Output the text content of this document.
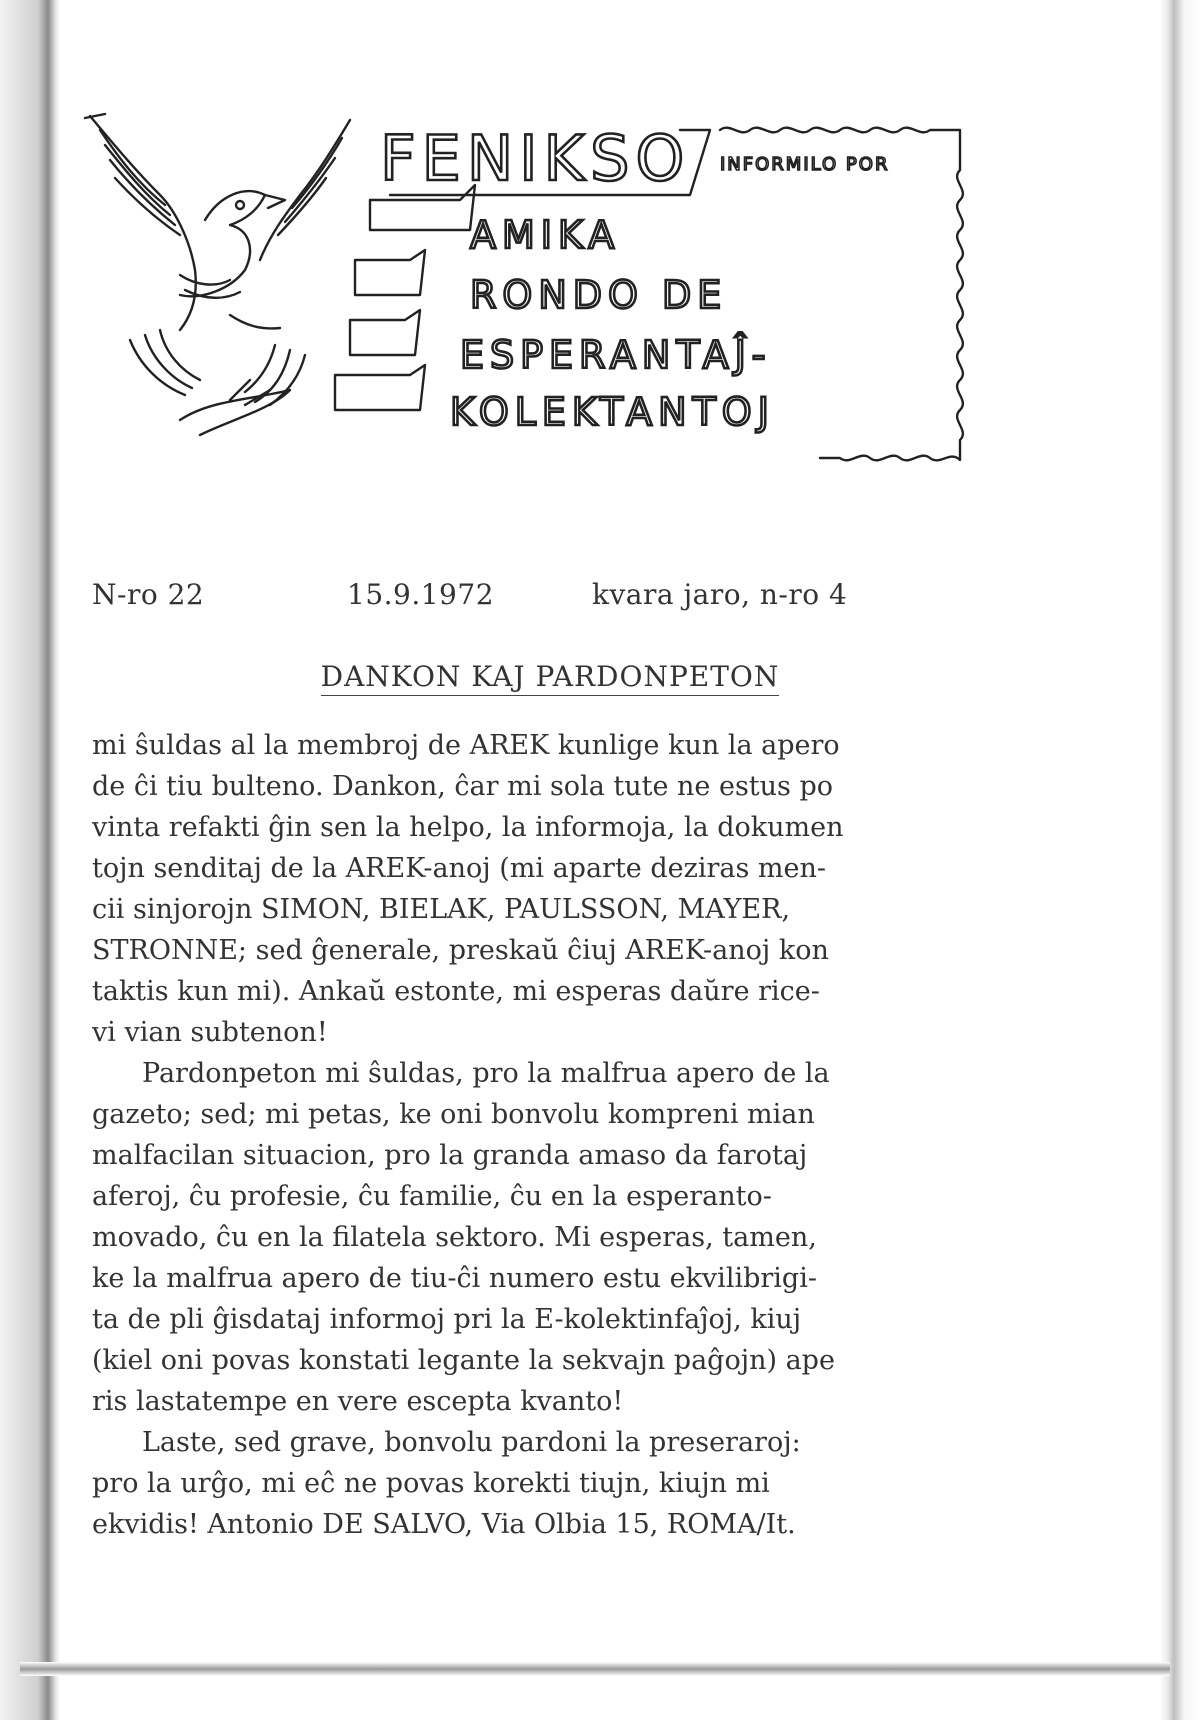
FENIKSO INFORMILO POR
AMIKA
RONDO DE
ESPERANTAĴ-
KOLEKTANTOJ
N-ro 22	15.9.1972	kvara jaro, n-ro 4
DANKON KAJ PARDONPETON
mi ŝuldas al la membroj de AREK kunlige kun la apero
de ĉi tiu bulteno. Dankon, ĉar mi sola tute ne estus po
vinta refakti ĝin sen la helpo, la informoja, la dokumen
tojn senditaj de la AREK-anoj (mi aparte deziras men-
cii sinjorojn SIMON, BIELAK, PAULSSON, MAYER,
STRONNE; sed ĝenerale, preskaŭ ĉiuj AREK-anoj kon
taktis kun mi). Ankaŭ estonte, mi esperas daŭre rice-
vi vian subtenon!
Pardonpeton mi ŝuldas, pro la malfrua apero de la
gazeto; sed; mi petas, ke oni bonvolu kompreni mian
malfacilan situacion, pro la granda amaso da farotaj
aferoj, ĉu profesie, ĉu familie, ĉu en la esperanto-
movado, ĉu en la filatela sektoro. Mi esperas, tamen,
ke la malfrua apero de tiu-ĉi numero estu ekvilibrigi-
ta de pli ĝisdataj informoj pri la E-kolektinfaĵoj, kiuj
(kiel oni povas konstati legante la sekvajn paĝojn) ape
ris lastatempe en vere escepta kvanto!
Laste, sed grave, bonvolu pardoni la preseraroj:
pro la urĝo, mi eĉ ne povas korekti tiujn, kiujn mi
ekvidis! Antonio DE SALVO, Via Olbia 15, ROMA/It.
